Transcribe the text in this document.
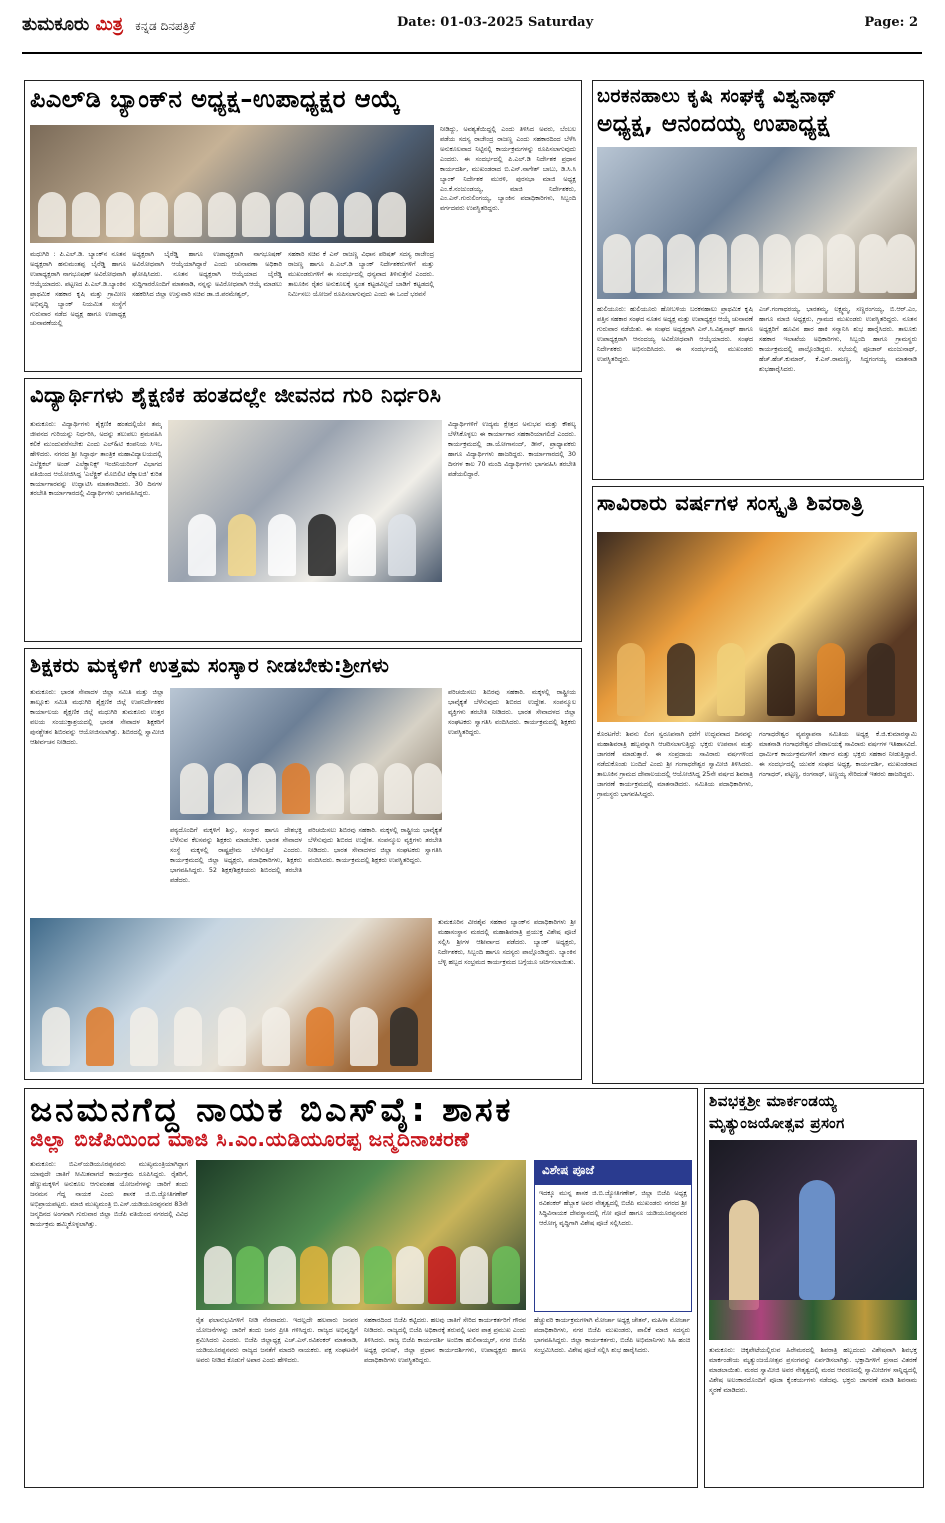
ತುಮಕೂರು ಮಿತ್ರ ಕನ್ನಡ ದಿನಪತ್ರಿಕೆ	Date: 01-03-2025 Saturday	Page: 2
ಪಿಎಲ್‌ಡಿ ಬ್ಯಾಂಕ್‌ನ ಅಧ್ಯಕ್ಷ–ಉಪಾಧ್ಯಕ್ಷರ ಆಯ್ಕೆ
ಮಧುಗಿರಿ : ಪಿ.ಎಲ್.ಡಿ. ಬ್ಯಾಂಕ್‌ನ ನೂತನ ಅಧ್ಯಕ್ಷರಾಗಿ ಹನುಮಂತಪ್ಪ ಬೈರೆಡ್ಡಿ ಹಾಗೂ ಉಪಾಧ್ಯಕ್ಷರಾಗಿ ನಾಗಭೂಷಣ್ ಅವಿರೋಧವಾಗಿ ಆಯ್ಕೆಯಾದರು. ಪಟ್ಟಣದ ಪಿ.ಎಲ್.ಡಿ.ಬ್ಯಾಂಕಿನ ಪ್ರಾಥಮಿಕ ಸಹಕಾರ ಕೃಷಿ ಮತ್ತು ಗ್ರಾಮೀಣ ಅಭಿವೃದ್ಧಿ ಬ್ಯಾಂಕ್ ನಿಯಮಿತ ಸಂಸ್ಥೆಗೆ ಗುರುವಾರ ನಡೆದ ಅಧ್ಯಕ್ಷ ಹಾಗೂ ಉಪಾಧ್ಯಕ್ಷ ಚುನಾವಣೆಯಲ್ಲಿ
ಅಧ್ಯಕ್ಷರಾಗಿ ಬೈರೆಡ್ಡಿ ಹಾಗೂ ಉಪಾಧ್ಯಕ್ಷರಾಗಿ ನಾಗಭೂಷಣ್ ಅವಿರೋಧವಾಗಿ ಆಯ್ಕೆಯಾಗಿದ್ದಾರೆ ಎಂದು ಚುನಾವಣಾ ಅಧಿಕಾರಿ ಘೋಷಿಸಿದರು. ನೂತನ ಅಧ್ಯಕ್ಷರಾಗಿ ಆಯ್ಕೆಯಾದ ಬೈರೆಡ್ಡಿ ಸುದ್ದಿಗಾರರೊಂದಿಗೆ ಮಾತನಾಡಿ, ನನ್ನನ್ನು ಅವಿರೋಧವಾಗಿ ಆಯ್ಕೆ ಮಾಡಲು ಸಹಕರಿಸಿದ ಜಿಲ್ಲಾ ಉಸ್ತುವಾರಿ ಸಚಿವ ಡಾ.ಜಿ.ಪರಮೇಶ್ವರ್,
ಸಹಕಾರಿ ಸಚಿವ ಕೆ ಎನ್ ರಾಜಣ್ಣ ವಿಧಾನ ಪರಿಷತ್ ಸದಸ್ಯ ರಾಜೇಂದ್ರ ರಾಜಣ್ಣ ಹಾಗೂ ಪಿ.ಎಲ್.ಡಿ ಬ್ಯಾಂಕ್ ನಿರ್ದೇಶಕರುಗಳಿಗೆ ಮತ್ತು ಮುಖಂಡರುಗಳಿಗೆ ಈ ಸಂದರ್ಭದಲ್ಲಿ ಧನ್ಯವಾದ ತಿಳಿಸುತ್ತೇನೆ ಎಂದರು. ತಾಲೂಕಿನ ರೈತರ ಅನುಕೂಲಕ್ಕೆ ಸ್ವಂತ ಕಟ್ಟಡವಿಲ್ಲದೆ ಬಾಡಿಗೆ ಕಟ್ಟಡದಲ್ಲಿ ನಿರ್ಮಿಸಲು ಯೋಜನೆ ರೂಪಿಸಲಾಗುವುದು ಎಂದು ಈ ಒಂದೆ ಭರವಸೆ
ನೀಡಿದ್ದು, ಅವಶ್ಯತೆಯಿದ್ದಲ್ಲಿ ಎಂದು ತಿಳಿಸಿದ ಅವರು, ಬೆಂಬಲ ಪಡೆಯ ಸದಸ್ಯ ರಾಜೇಂದ್ರ ರಾಜಣ್ಣ ಎಂದು ಸಹಕಾರದಿಂದ ಬೆಳೆಸಿ ಅನುಕೂಲವಾದ ನಿಟ್ಟಿನಲ್ಲಿ ಕಾರ್ಯಕ್ರಮಗಳನ್ನು ರೂಪಿಸಲಾಗುವುದು ಎಂದರು. ಈ ಸಂದರ್ಭದಲ್ಲಿ ಪಿ.ಎಲ್.ಡಿ ನಿರ್ದೇಶಕ ಪ್ರಧಾನ ಕಾರ್ಯದರ್ಶಿ, ಮುಖಂಡರಾದ ಬಿ.ಎನ್.ನಾಗೇಶ್ ಬಾಬು, ಡಿ.ಸಿ.ಸಿ ಬ್ಯಾಂಕ್ ನಿರ್ದೇಶಕ ಮುರಳಿ, ಪುರಸಭಾ ಮಾಜಿ ಅಧ್ಯಕ್ಷ ಎಂ.ಕೆ.ನಂಜುಂಡಯ್ಯ, ಮಾಜಿ ನಿರ್ದೇಶಕರು, ಎಂ.ಎನ್.ಗುರುಲಿಂಗಯ್ಯ, ಬ್ಯಾಂಕಿನ ಪದಾಧಿಕಾರಿಗಳು, ಸಿಬ್ಬಂದಿ ವರ್ಗದವರು ಉಪಸ್ಥಿತರಿದ್ದರು.
ಬರಕನಹಾಲು ಕೃಷಿ ಸಂಘಕ್ಕೆ ವಿಶ್ವನಾಥ್
ಅಧ್ಯಕ್ಷ, ಆನಂದಯ್ಯ ಉಪಾಧ್ಯಕ್ಷ
ಹುಲಿಯೂರು: ಹುಲಿಯೂರು ಹೋಬಳಿಯ ಬರಕನಹಾಲು ಪ್ರಾಥಮಿಕ ಕೃಷಿ ಪತ್ತಿನ ಸಹಕಾರ ಸಂಘದ ನೂತನ ಅಧ್ಯಕ್ಷ ಮತ್ತು ಉಪಾಧ್ಯಕ್ಷರ ಆಯ್ಕೆ ಚುನಾವಣೆ ಗುರುವಾರ ನಡೆಯಿತು. ಈ ಸಂಘದ ಅಧ್ಯಕ್ಷರಾಗಿ ಎನ್.ಸಿ.ವಿಶ್ವನಾಥ್ ಹಾಗೂ ಉಪಾಧ್ಯಕ್ಷರಾಗಿ ಆನಂದಯ್ಯ ಅವಿರೋಧವಾಗಿ ಆಯ್ಕೆಯಾದರು. ಸಂಘದ ನಿರ್ದೇಶಕರು ಅಭಿನಂದಿಸಿದರು. ಈ ಸಂದರ್ಭದಲ್ಲಿ ಮುಖಂಡರು ಉಪಸ್ಥಿತರಿದ್ದರು.
ಎಚ್.ಗಂಗಾಧರಯ್ಯ, ಭಾರತಮ್ಮ, ಲಕ್ಷ್ಮಮ್ಮ, ಸಣ್ಣರಂಗಯ್ಯ, ಬಿ.ಆರ್.ಎಂ, ಹಾಗೂ ಮಾಜಿ ಅಧ್ಯಕ್ಷರು, ಗ್ರಾಮದ ಮುಖಂಡರು ಉಪಸ್ಥಿತರಿದ್ದರು. ನೂತನ ಅಧ್ಯಕ್ಷರಿಗೆ ಹೂವಿನ ಹಾರ ಹಾಕಿ ಸನ್ಮಾನಿಸಿ ಶುಭ ಹಾರೈಸಿದರು. ತಾಲೂಕು ಸಹಕಾರ ಇಲಾಖೆಯ ಅಧಿಕಾರಿಗಳು, ಸಿಬ್ಬಂದಿ ಹಾಗೂ ಗ್ರಾಮಸ್ಥರು ಕಾರ್ಯಕ್ರಮದಲ್ಲಿ ಪಾಲ್ಗೊಂಡಿದ್ದರು. ಸಭೆಯಲ್ಲಿ ಪೂಜಾರ್ ಮಂಜುನಾಥ್, ಹೆಚ್.ಹೆಚ್.ಕುಮಾರ್, ಕೆ.ಎಸ್.ರಾಮಣ್ಣ, ಸಿದ್ದಗಂಗಯ್ಯ ಮಾತನಾಡಿ ಶುಭಹಾರೈಸಿದರು.
ವಿದ್ಯಾರ್ಥಿಗಳು ಶೈಕ್ಷಣಿಕ ಹಂತದಲ್ಲೇ ಜೀವನದ ಗುರಿ ನಿರ್ಧರಿಸಿ
ತುಮಕೂರು: ವಿದ್ಯಾರ್ಥಿಗಳು ಶೈಕ್ಷಣಿಕ ಹಂತದಲ್ಲಿಯೇ ತಮ್ಮ ಜೀವನದ ಗುರಿಯನ್ನು ನಿರ್ಧರಿಸಿ, ಅದನ್ನು ತಲುಪಲು ಶ್ರಮವಹಿಸಿ ಕಲಿಕೆ ಮುಂದುವರೆಸಬೇಕು ಎಂದು ಎಲ್&ಟಿ ಕಂಪನಿಯ ಸಿಇಒ ಹೇಳಿದರು. ನಗರದ ಶ್ರೀ ಸಿದ್ದಾರ್ಥ ತಾಂತ್ರಿಕ ಮಹಾವಿದ್ಯಾಲಯದಲ್ಲಿ ಎಲೆಕ್ಟ್ರಿಕಲ್ ಅಂಡ್ ಎಲೆಕ್ಟ್ರಾನಿಕ್ಸ್ ಇಂಜಿನಿಯರಿಂಗ್ ವಿಭಾಗದ ವತಿಯಿಂದ ಆಯೋಜಿಸಿದ್ದ 'ಎಲೆಕ್ಟ್ರಿಕ್ ಮೊಬಿಲಿಟಿ ಟೆಕ್ನಾಲಜಿ' ಕುರಿತ ಕಾರ್ಯಾಗಾರವನ್ನು ಉದ್ಘಾಟಿಸಿ ಮಾತನಾಡಿದರು. 30 ದಿನಗಳ ತರಬೇತಿ ಕಾರ್ಯಾಗಾರದಲ್ಲಿ ವಿದ್ಯಾರ್ಥಿಗಳು ಭಾಗವಹಿಸಿದ್ದರು.
ವಿದ್ಯಾರ್ಥಿಗಳಿಗೆ ಉದ್ಯಮ ಕ್ಷೇತ್ರದ ಅನುಭವ ಮತ್ತು ಕೌಶಲ್ಯ ಬೆಳೆಸಿಕೊಳ್ಳಲು ಈ ಕಾರ್ಯಾಗಾರ ಸಹಕಾರಿಯಾಗಲಿದೆ ಎಂದರು. ಕಾರ್ಯಕ್ರಮದಲ್ಲಿ ಡಾ.ಯೋಗಾನಂದ್, ಡೀನ್, ಪ್ರಾಧ್ಯಾಪಕರು ಹಾಗೂ ವಿದ್ಯಾರ್ಥಿಗಳು ಹಾಜರಿದ್ದರು. ಕಾರ್ಯಾಗಾರದಲ್ಲಿ 30 ದಿನಗಳ ಕಾಲ 70 ಮಂದಿ ವಿದ್ಯಾರ್ಥಿಗಳು ಭಾಗವಹಿಸಿ ತರಬೇತಿ ಪಡೆಯಲಿದ್ದಾರೆ.
ಸಾವಿರಾರು ವರ್ಷಗಳ ಸಂಸ್ಕೃತಿ ಶಿವರಾತ್ರಿ
ಕೊರಟಗೆರೆ: ಶಿವನು ಲಿಂಗ ಸ್ವರೂಪನಾಗಿ ಧರೆಗೆ ಉದ್ಭವವಾದ ದಿನವನ್ನು ಮಹಾಶಿವರಾತ್ರಿ ಹಬ್ಬವನ್ನಾಗಿ ಆಚರಿಸಲಾಗುತ್ತಿದ್ದು ಭಕ್ತರು ಉಪವಾಸ ಮತ್ತು ಜಾಗರಣೆ ಮಾಡುತ್ತಾರೆ. ಈ ಸಂಪ್ರದಾಯ ಸಾವಿರಾರು ವರ್ಷಗಳಿಂದ ನಡೆದುಕೊಂಡು ಬಂದಿದೆ ಎಂದು ಶ್ರೀ ಗಂಗಾಧರೇಶ್ವರ ಸ್ವಾಮೀಜಿ ತಿಳಿಸಿದರು. ತಾಲೂಕಿನ ಗ್ರಾಮದ ದೇವಾಲಯದಲ್ಲಿ ಆಯೋಜಿಸಿದ್ದ 25ನೇ ವರ್ಷದ ಶಿವರಾತ್ರಿ ಜಾಗರಣೆ ಕಾರ್ಯಕ್ರಮದಲ್ಲಿ ಮಾತನಾಡಿದರು. ಸಮಿತಿಯ ಪದಾಧಿಕಾರಿಗಳು, ಗ್ರಾಮಸ್ಥರು ಭಾಗವಹಿಸಿದ್ದರು.
ಗಂಗಾಧರೇಶ್ವರ ವ್ಯವಸ್ಥಾಪನಾ ಸಮಿತಿಯ ಅಧ್ಯಕ್ಷ ಕೆ.ಜಿ.ಕುಮಾರಸ್ವಾಮಿ ಮಾತನಾಡಿ ಗಂಗಾಧರೇಶ್ವರ ದೇವಾಲಯಕ್ಕೆ ಸಾವಿರಾರು ವರ್ಷಗಳ ಇತಿಹಾಸವಿದೆ. ಧಾರ್ಮಿಕ ಕಾರ್ಯಕ್ರಮಗಳಿಗೆ ಸರ್ಕಾರ ಮತ್ತು ಭಕ್ತರು ಸಹಕಾರ ನೀಡುತ್ತಿದ್ದಾರೆ. ಈ ಸಂದರ್ಭದಲ್ಲಿ ಯುವಕ ಸಂಘದ ಅಧ್ಯಕ್ಷ, ಕಾರ್ಯದರ್ಶಿ, ಮುಖಂಡರಾದ ಗಂಗಾಧರ್, ಪಟ್ಟಣ್ಣ, ರಂಗನಾಥ್, ಅಣ್ಣಯ್ಯ ಸೇರಿದಂತೆ ಇತರರು ಹಾಜರಿದ್ದರು.
ಶಿಕ್ಷಕರು ಮಕ್ಕಳಿಗೆ ಉತ್ತಮ ಸಂಸ್ಕಾರ ನೀಡಬೇಕು:ಶ್ರೀಗಳು
ತುಮಕೂರು: ಭಾರತ ಸೇವಾದಳ ಜಿಲ್ಲಾ ಸಮಿತಿ ಮತ್ತು ಜಿಲ್ಲಾ ತಾಲ್ಲೂಕು ಸಮಿತಿ ಮಧುಗಿರಿ ಶೈಕ್ಷಣಿಕ ಜಿಲ್ಲೆ ಉಪನಿರ್ದೇಶಕರ ಕಾರ್ಯಾಲಯ ಶೈಕ್ಷಣಿಕ ಜಿಲ್ಲೆ ಮಧುಗಿರಿ ತುಮಕೂರು ಉತ್ತರ ವಲಯ ಸಂಯುಕ್ತಾಶ್ರಯದಲ್ಲಿ ಭಾರತ ಸೇವಾದಳ ಶಿಕ್ಷಕರಿಗೆ ಪುನಶ್ಚೇತನ ಶಿಬಿರವನ್ನು ಆಯೋಜಿಸಲಾಗಿತ್ತು. ಶಿಬಿರದಲ್ಲಿ ಸ್ವಾಮೀಜಿ ಆಶೀರ್ವಚನ ನೀಡಿದರು.
ಪಠ್ಯದೊಂದಿಗೆ ಮಕ್ಕಳಿಗೆ ಶಿಸ್ತು, ಸಂಸ್ಕಾರ ಹಾಗೂ ದೇಶಭಕ್ತಿ ಬೆಳೆಸುವ ಕೆಲಸವನ್ನು ಶಿಕ್ಷಕರು ಮಾಡಬೇಕು. ಭಾರತ ಸೇವಾದಳ ಸಂಸ್ಥೆ ಮಕ್ಕಳಲ್ಲಿ ರಾಷ್ಟ್ರಪ್ರೇಮ ಬೆಳೆಸುತ್ತಿದೆ ಎಂದರು. ಕಾರ್ಯಕ್ರಮದಲ್ಲಿ ಜಿಲ್ಲಾ ಅಧ್ಯಕ್ಷರು, ಪದಾಧಿಕಾರಿಗಳು, ಶಿಕ್ಷಕರು ಭಾಗವಹಿಸಿದ್ದರು. 52 ಶಿಕ್ಷಕ/ಶಿಕ್ಷಕಿಯರು ಶಿಬಿರದಲ್ಲಿ ತರಬೇತಿ ಪಡೆದರು.
ಪರಿಚಯಿಸಲು ಶಿಬಿರವು ಸಹಕಾರಿ. ಮಕ್ಕಳಲ್ಲಿ ರಾಷ್ಟ್ರೀಯ ಭಾವೈಕ್ಯತೆ ಬೆಳೆಸುವುದು ಶಿಬಿರದ ಉದ್ದೇಶ. ಸಂಪನ್ಮೂಲ ವ್ಯಕ್ತಿಗಳು ತರಬೇತಿ ನೀಡಿದರು. ಭಾರತ ಸೇವಾದಳದ ಜಿಲ್ಲಾ ಸಂಘಟಕರು ಸ್ವಾಗತಿಸಿ ವಂದಿಸಿದರು. ಕಾರ್ಯಕ್ರಮದಲ್ಲಿ ಶಿಕ್ಷಕರು ಉಪಸ್ಥಿತರಿದ್ದರು.
ಪರಿಚಯಿಸಲು ಶಿಬಿರವು ಸಹಕಾರಿ. ಮಕ್ಕಳಲ್ಲಿ ರಾಷ್ಟ್ರೀಯ ಭಾವೈಕ್ಯತೆ ಬೆಳೆಸುವುದು ಶಿಬಿರದ ಉದ್ದೇಶ. ಸಂಪನ್ಮೂಲ ವ್ಯಕ್ತಿಗಳು ತರಬೇತಿ ನೀಡಿದರು. ಭಾರತ ಸೇವಾದಳದ ಜಿಲ್ಲಾ ಸಂಘಟಕರು ಸ್ವಾಗತಿಸಿ ವಂದಿಸಿದರು. ಕಾರ್ಯಕ್ರಮದಲ್ಲಿ ಶಿಕ್ಷಕರು ಉಪಸ್ಥಿತರಿದ್ದರು.
ತುಮಕೂರಿನ ವೀರಶೈವ ಸಹಕಾರ ಬ್ಯಾಂಕ್‌ನ ಪದಾಧಿಕಾರಿಗಳು ಶ್ರೀ ಮಹಾಸಂಸ್ಥಾನ ಮಠದಲ್ಲಿ ಮಹಾಶಿವರಾತ್ರಿ ಪ್ರಯುಕ್ತ ವಿಶೇಷ ಪೂಜೆ ಸಲ್ಲಿಸಿ ಶ್ರೀಗಳ ಆಶೀರ್ವಾದ ಪಡೆದರು. ಬ್ಯಾಂಕ್ ಅಧ್ಯಕ್ಷರು, ನಿರ್ದೇಶಕರು, ಸಿಬ್ಬಂದಿ ಹಾಗೂ ಸದಸ್ಯರು ಪಾಲ್ಗೊಂಡಿದ್ದರು. ಬ್ಯಾಂಕಿನ ಬೆಳ್ಳಿ ಹಬ್ಬದ ಸಂಭ್ರಮದ ಕಾರ್ಯಕ್ರಮದ ಬಗ್ಗೆಯೂ ಚರ್ಚಿಸಲಾಯಿತು.
ಜನಮನಗೆದ್ದ ನಾಯಕ ಬಿಎಸ್‌ವೈ: ಶಾಸಕ
ಜಿಲ್ಲಾ ಬಿಜೆಪಿಯಿಂದ ಮಾಜಿ ಸಿ.ಎಂ.ಯಡಿಯೂರಪ್ಪ ಜನ್ಮದಿನಾಚರಣೆ
ತುಮಕೂರು: ಬಿಎಸ್‌ಯಡಿಯೂರಪ್ಪನವರು ಮುಖ್ಯಮಂತ್ರಿಯಾಗಿದ್ದಾಗ ಯಾವುದೇ ಜಾತಿಗೆ ಸೀಮಿತವಾಗದೆ ಕಾರ್ಯಕ್ರಮ ರೂಪಿಸಿದ್ದರು. ರೈತರಿಗೆ, ಹೆಣ್ಣುಮಕ್ಕಳಿಗೆ ಅನುಕೂಲ ಆಗುವಂತಹ ಯೋಜನೆಗಳನ್ನು ಜಾರಿಗೆ ತಂದು ಜನಮನ ಗೆದ್ದ ನಾಯಕ ಎಂದು ಶಾಸಕ ಜಿ.ಬಿ.ಜ್ಯೋತಿಗಣೇಶ್ ಅಭಿಪ್ರಾಯಪಟ್ಟರು. ಮಾಜಿ ಮುಖ್ಯಮಂತ್ರಿ ಬಿ.ಎಸ್.ಯಡಿಯೂರಪ್ಪನವರ 83ನೇ ಜನ್ಮದಿನದ ಅಂಗವಾಗಿ ಗುರುವಾರ ಜಿಲ್ಲಾ ಬಿಜೆಪಿ ವತಿಯಿಂದ ನಗರದಲ್ಲಿ ವಿವಿಧ ಕಾರ್ಯಕ್ರಮ ಹಮ್ಮಿಕೊಳ್ಳಲಾಗಿತ್ತು.
ವಿಶೇಷ ಪೂಜೆ
ಇದಕ್ಕೂ ಮುನ್ನ ಶಾಸಕ ಜಿ.ಬಿ.ಜ್ಯೋತಿಗಣೇಶ್, ಜಿಲ್ಲಾ ಬಿಜೆಪಿ ಅಧ್ಯಕ್ಷ ರವಿಶಂಕರ್ ಹೆಬ್ಬಾಕ ಅವರ ನೇತೃತ್ವದಲ್ಲಿ ಬಿಜೆಪಿ ಮುಖಂಡರು ನಗರದ ಶ್ರೀ ಸಿದ್ಧಿವಿನಾಯಕ ದೇವಸ್ಥಾನದಲ್ಲಿ ಗೋ ಪೂಜೆ ಹಾಗೂ ಯಡಿಯೂರಪ್ಪನವರ ಆರೋಗ್ಯ ವೃದ್ಧಿಗಾಗಿ ವಿಶೇಷ ಪೂಜೆ ಸಲ್ಲಿಸಿದರು.
ರೈತ ಫಲಾನುಭವಿಗಳಿಗೆ ನೀಡಿ ನೆರವಾದರು. ಇದಲ್ಲದೇ ಹಲವಾರು ಜನಪರ ಯೋಜನೆಗಳನ್ನು ಜಾರಿಗೆ ತಂದು ಜನರ ಪ್ರೀತಿ ಗಳಿಸಿದ್ದರು. ರಾಜ್ಯದ ಅಭಿವೃದ್ಧಿಗೆ ಶ್ರಮಿಸಿದರು ಎಂದರು. ಬಿಜೆಪಿ ಜಿಲ್ಲಾಧ್ಯಕ್ಷ ಎಚ್.ಎಸ್.ರವಿಶಂಕರ್ ಮಾತನಾಡಿ, ಯಡಿಯೂರಪ್ಪನವರು ರಾಜ್ಯದ ಜನತೆಗೆ ಮಾದರಿ ನಾಯಕರು. ಪಕ್ಷ ಸಂಘಟನೆಗೆ ಅವರು ನೀಡಿದ ಕೊಡುಗೆ ಅಪಾರ ಎಂದು ಹೇಳಿದರು.
ಸಹಕಾರದಿಂದ ಬಿಜೆಪಿ ಕಟ್ಟಿದರು. ಹಲವು ಜಾತಿಗೆ ಸೇರಿದ ಕಾರ್ಯಕರ್ತರಿಗೆ ಗೌರವ ನೀಡಿದರು. ರಾಜ್ಯದಲ್ಲಿ ಬಿಜೆಪಿ ಅಧಿಕಾರಕ್ಕೆ ತರುವಲ್ಲಿ ಅವರ ಪಾತ್ರ ಪ್ರಮುಖ ಎಂದು ತಿಳಿಸಿದರು. ರಾಜ್ಯ ಬಿಜೆಪಿ ಕಾರ್ಯದರ್ಶಿ ಅಂಬಿಕಾ ಹುಲಿನಾಯ್ಕರ್, ನಗರ ಬಿಜೆಪಿ ಅಧ್ಯಕ್ಷ ಧನುಷ್, ಜಿಲ್ಲಾ ಪ್ರಧಾನ ಕಾರ್ಯದರ್ಶಿಗಳು, ಉಪಾಧ್ಯಕ್ಷರು ಹಾಗೂ ಪದಾಧಿಕಾರಿಗಳು ಉಪಸ್ಥಿತರಿದ್ದರು.
ಹೆಚ್ಚುವರಿ ಕಾರ್ಯಕ್ರಮಗಳಾಗಿ ಮೋರ್ಚಾ ಅಧ್ಯಕ್ಷ ಚೇತನ್, ಮಹಿಳಾ ಮೋರ್ಚಾ ಪದಾಧಿಕಾರಿಗಳು, ನಗರ ಬಿಜೆಪಿ ಮುಖಂಡರು, ಪಾಲಿಕೆ ಮಾಜಿ ಸದಸ್ಯರು ಭಾಗವಹಿಸಿದ್ದರು. ಜಿಲ್ಲಾ ಕಾರ್ಯಕರ್ತರು, ಬಿಜೆಪಿ ಅಭಿಮಾನಿಗಳು ಸಿಹಿ ಹಂಚಿ ಸಂಭ್ರಮಿಸಿದರು. ವಿಶೇಷ ಪೂಜೆ ಸಲ್ಲಿಸಿ ಶುಭ ಹಾರೈಸಿದರು.
ಶಿವಭಕ್ತಶ್ರೀ ಮಾರ್ಕಂಡಯ್ಯ
ಮೃತ್ಯುಂಜಯೋತ್ಸವ ಪ್ರಸಂಗ
ತುಮಕೂರು: ಚಿಕ್ಕಪೇಟೆಯಲ್ಲಿರುವ ಹಿರೇಮಠದಲ್ಲಿ ಶಿವರಾತ್ರಿ ಹಬ್ಬದಂದು ವಿಶೇಷವಾಗಿ ಶಿವಭಕ್ತ ಮಾರ್ಕಂಡೇಯ ಮೃತ್ಯುಂಜಯೋತ್ಸವ ಪ್ರಸಂಗವನ್ನು ಏರ್ಪಡಿಸಲಾಗಿತ್ತು. ಭಕ್ತಾದಿಗಳಿಗೆ ಪ್ರಸಾದ ವಿತರಣೆ ಮಾಡಲಾಯಿತು. ಮಠದ ಸ್ವಾಮೀಜಿ ಅವರ ನೇತೃತ್ವದಲ್ಲಿ ಮಠದ ಆವರಣದಲ್ಲಿ ಸ್ವಾಮೀಜಿಗಳ ಸಾನ್ನಿಧ್ಯದಲ್ಲಿ ವಿಶೇಷ ಅಲಂಕಾರದೊಂದಿಗೆ ಪೂಜಾ ಕೈಂಕರ್ಯಗಳು ನಡೆದವು. ಭಕ್ತರು ಜಾಗರಣೆ ಮಾಡಿ ಶಿವನಾಮ ಸ್ಮರಣೆ ಮಾಡಿದರು.
